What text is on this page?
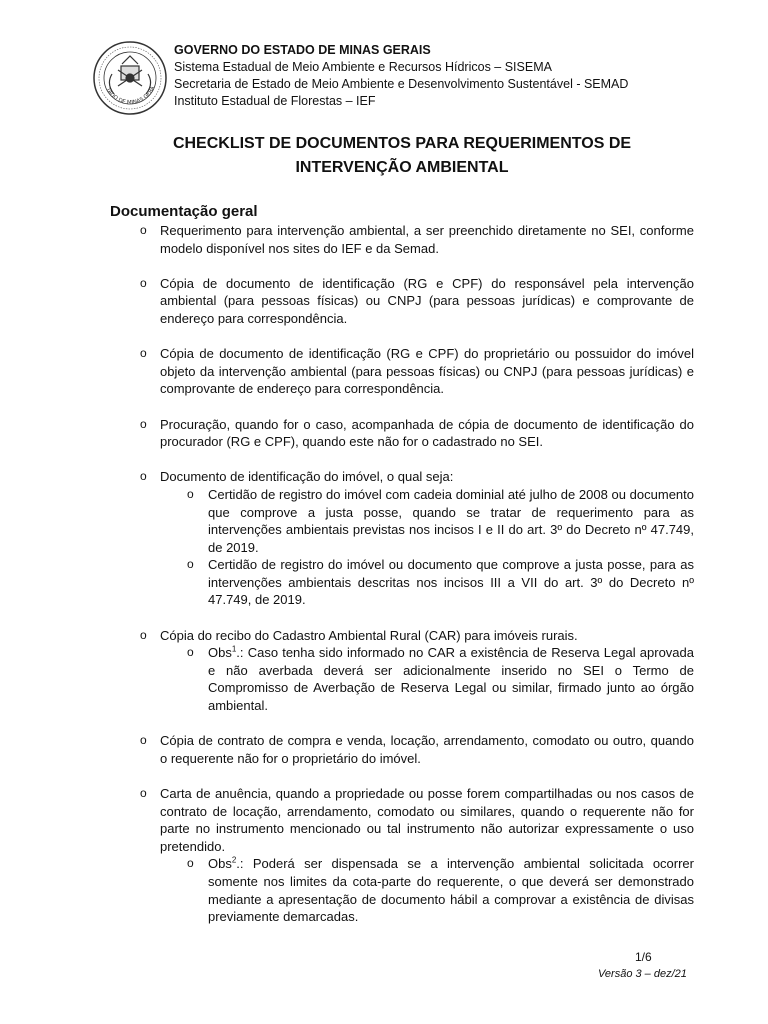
TADO DE MINAS GERA
GOVERNO DO ESTADO DE MINAS GERAIS
Sistema Estadual de Meio Ambiente e Recursos Hídricos – SISEMA
Secretaria de Estado de Meio Ambiente e Desenvolvimento Sustentável - SEMAD
Instituto Estadual de Florestas – IEF
CHECKLIST DE DOCUMENTOS PARA REQUERIMENTOS DE
INTERVENÇÃO AMBIENTAL
Documentação geral
o Requerimento para intervenção ambiental, a ser preenchido diretamente no SEI, conforme modelo disponível nos sites do IEF e da Semad.
o Cópia de documento de identificação (RG e CPF) do responsável pela intervenção ambiental (para pessoas físicas) ou CNPJ (para pessoas jurídicas) e comprovante de endereço para correspondência.
o Cópia de documento de identificação (RG e CPF) do proprietário ou possuidor do imóvel objeto da intervenção ambiental (para pessoas físicas) ou CNPJ (para pessoas jurídicas) e comprovante de endereço para correspondência.
o Procuração, quando for o caso, acompanhada de cópia de documento de identificação do procurador (RG e CPF), quando este não for o cadastrado no SEI.
o Documento de identificação do imóvel, o qual seja:
o Certidão de registro do imóvel com cadeia dominial até julho de 2008 ou documento que comprove a justa posse, quando se tratar de requerimento para as intervenções ambientais previstas nos incisos I e II do art. 3º do Decreto nº 47.749, de 2019.
o Certidão de registro do imóvel ou documento que comprove a justa posse, para as intervenções ambientais descritas nos incisos III a VII do art. 3º do Decreto nº 47.749, de 2019.
o Cópia do recibo do Cadastro Ambiental Rural (CAR) para imóveis rurais.
o Obs$^1$.: Caso tenha sido informado no CAR a existência de Reserva Legal aprovada e não averbada deverá ser adicionalmente inserido no SEI o Termo de Compromisso de Averbação de Reserva Legal ou similar, firmado junto ao órgão ambiental.
o Cópia de contrato de compra e venda, locação, arrendamento, comodato ou outro, quando o requerente não for o proprietário do imóvel.
o Carta de anuência, quando a propriedade ou posse forem compartilhadas ou nos casos de contrato de locação, arrendamento, comodato ou similares, quando o requerente não for parte no instrumento mencionado ou tal instrumento não autorizar expressamente o uso pretendido.
o Obs$^2$.: Poderá ser dispensada se a intervenção ambiental solicitada ocorrer somente nos limites da cota-parte do requerente, o que deverá ser demonstrado mediante a apresentação de documento hábil a comprovar a existência de divisas previamente demarcadas.
1/6
Versão 3 – dez/21
